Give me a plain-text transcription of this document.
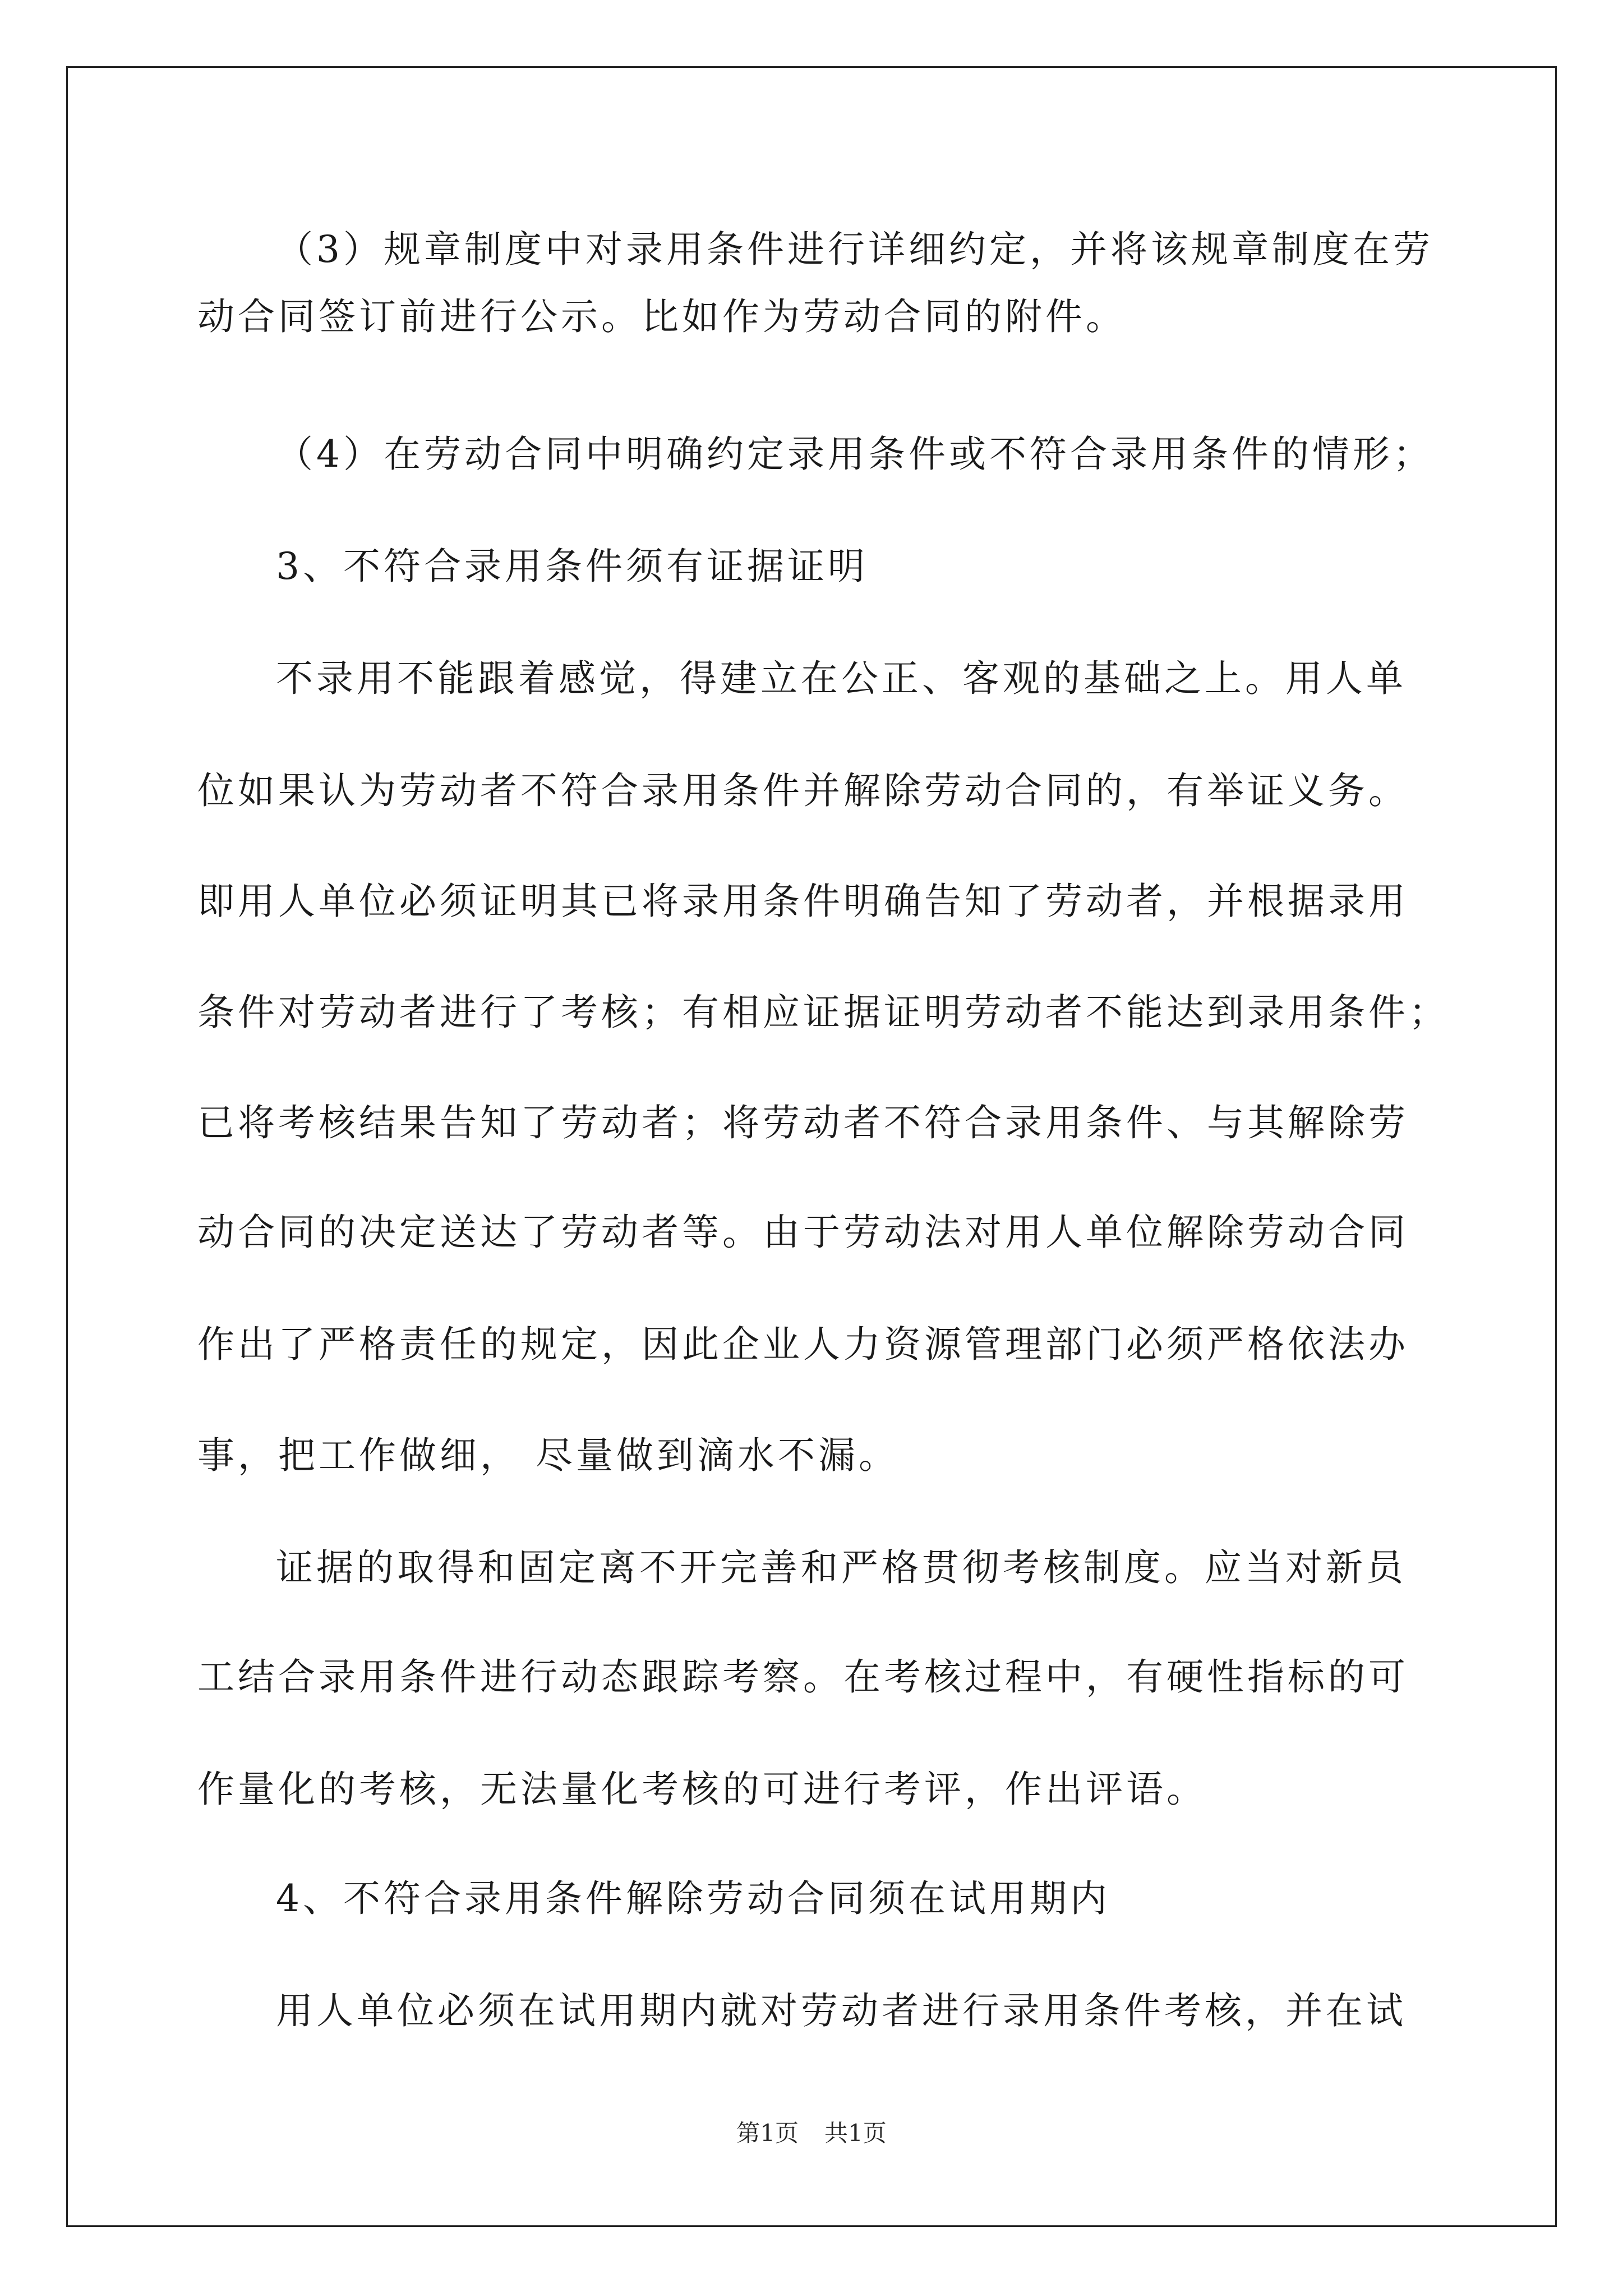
（3）规章制度中对录用条件进行详细约定，并将该规章制度在劳
动合同签订前进行公示。比如作为劳动合同的附件。
（4）在劳动合同中明确约定录用条件或不符合录用条件的情形；
3、不符合录用条件须有证据证明
不录用不能跟着感觉，得建立在公正、客观的基础之上。用人单
位如果认为劳动者不符合录用条件并解除劳动合同的，有举证义务。
即用人单位必须证明其已将录用条件明确告知了劳动者，并根据录用
条件对劳动者进行了考核；有相应证据证明劳动者不能达到录用条件；
已将考核结果告知了劳动者；将劳动者不符合录用条件、与其解除劳
动合同的决定送达了劳动者等。由于劳动法对用人单位解除劳动合同
作出了严格责任的规定，因此企业人力资源管理部门必须严格依法办
事，把工作做细， 尽量做到滴水不漏。
证据的取得和固定离不开完善和严格贯彻考核制度。应当对新员
工结合录用条件进行动态跟踪考察。在考核过程中，有硬性指标的可
作量化的考核，无法量化考核的可进行考评，作出评语。
4、不符合录用条件解除劳动合同须在试用期内
用人单位必须在试用期内就对劳动者进行录用条件考核，并在试
第1页 共1页
